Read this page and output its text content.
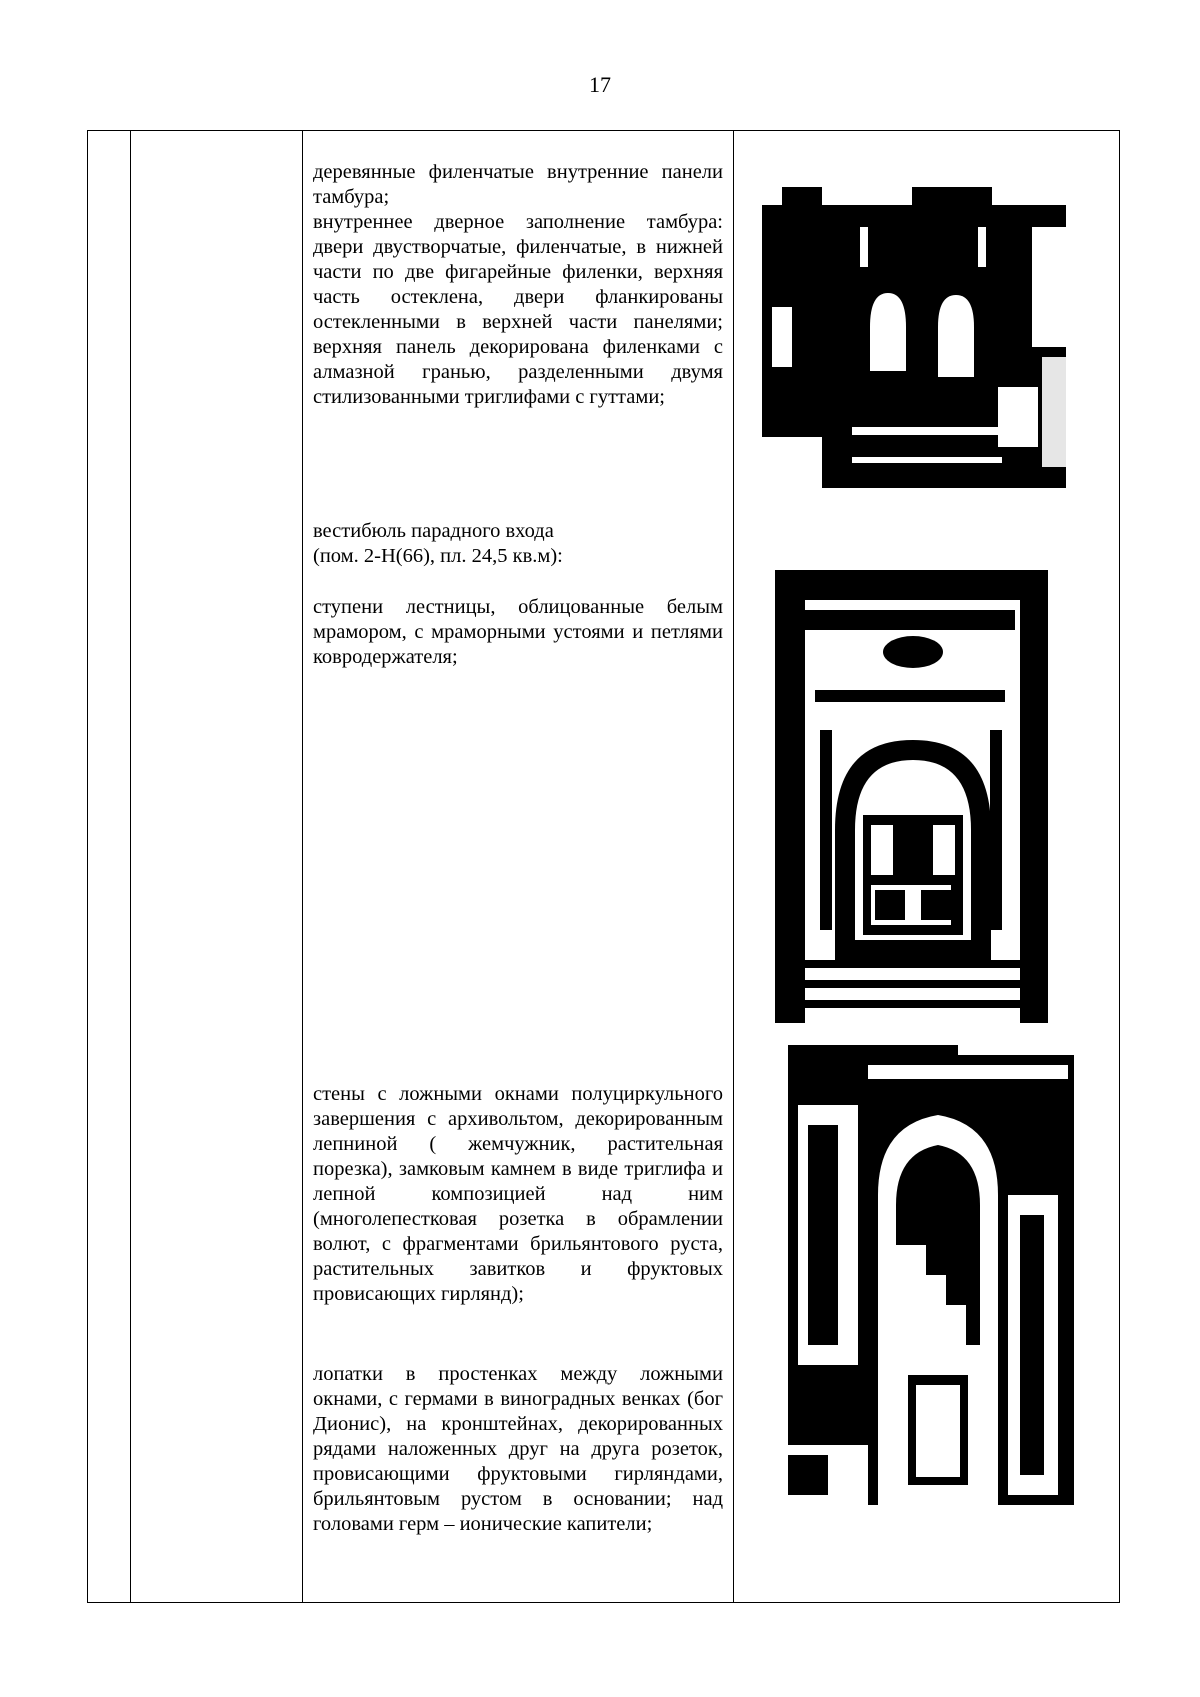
17

деревянные филенчатые внутренние панели тамбура;

внутреннее дверное заполнение тамбура: двери двустворчатые, филенчатые, в нижней части по две фигарейные филенки, верхняя часть остеклена, двери фланкированы остекленными в верхней части панелями; верхняя панель декорирована филенками с алмазной гранью, разделенными двумя стилизованными триглифами с гуттами;

вестибюль парадного входа

(пом. 2-Н(66), пл. 24,5 кв.м):

ступени лестницы, облицованные белым мрамором, с мраморными устоями и петлями ковродержателя;

стены с ложными окнами полуциркульного завершения с архивольтом, декорированным лепниной ( жемчужник, растительная порезка), замковым камнем в виде триглифа и лепной композицией над ним (многолепестковая розетка в обрамлении волют, с фрагментами брильянтового руста, растительных завитков и фруктовых провисающих гирлянд);

лопатки в простенках между ложными окнами, с гермами в виноградных венках (бог Дионис), на кронштейнах, декорированных рядами наложенных друг на друга розеток, провисающими фруктовыми гирляндами, брильянтовым рустом в основании; над головами герм – ионические капители;
